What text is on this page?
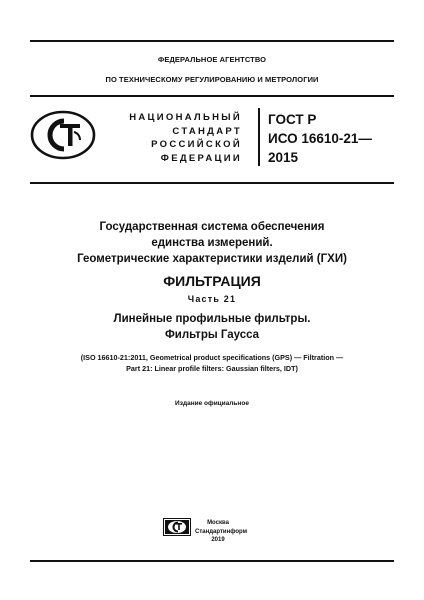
ФЕДЕРАЛЬНОЕ АГЕНТСТВО
ПО ТЕХНИЧЕСКОМУ РЕГУЛИРОВАНИЮ И МЕТРОЛОГИИ
НАЦИОНАЛЬНЫЙ
СТАНДАРТ
РОССИЙСКОЙ
ФЕДЕРАЦИИ
ГОСТ Р
ИСО 16610-21—
2015
Государственная система обеспечения
единства измерений.
Геометрические характеристики изделий (ГХИ)
ФИЛЬТРАЦИЯ
Часть 21
Линейные профильные фильтры.
Фильтры Гаусса
(ISO 16610-21:2011, Geometrical product specifications (GPS) — Filtration —
Part 21: Linear profile filters: Gaussian filters, IDT)
Издание официальное
Москва
Стандартинформ
2019
